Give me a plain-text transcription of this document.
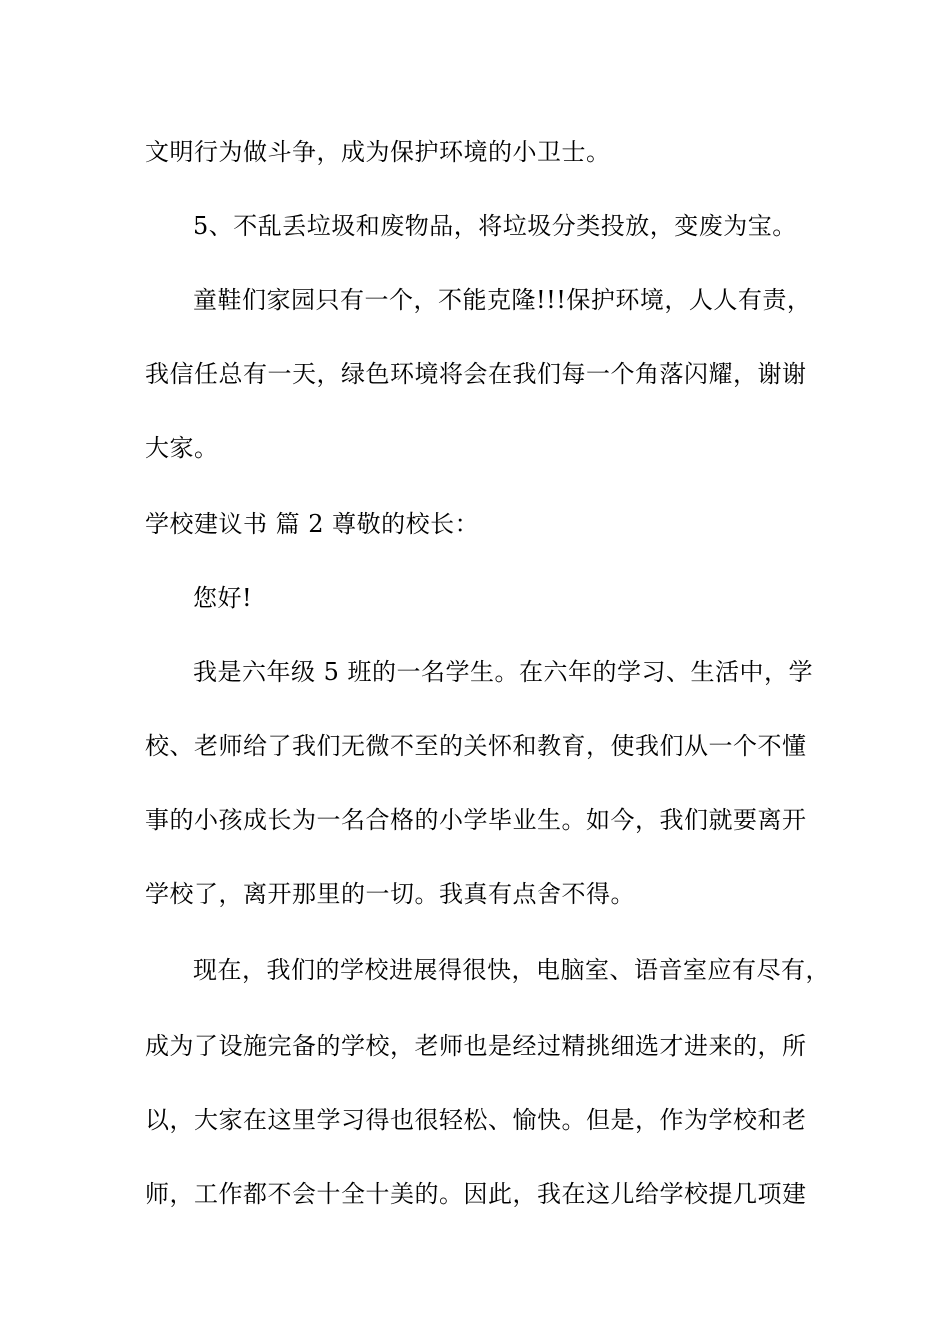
文明行为做斗争，成为保护环境的小卫士。
5、不乱丢垃圾和废物品，将垃圾分类投放，变废为宝。
童鞋们家园只有一个，不能克隆!!!保护环境，人人有责，
我信任总有一天，绿色环境将会在我们每一个角落闪耀，谢谢
大家。
学校建议书 篇 2 尊敬的校长：
您好!
我是六年级 5 班的一名学生。在六年的学习、生活中，学
校、老师给了我们无微不至的关怀和教育，使我们从一个不懂
事的小孩成长为一名合格的小学毕业生。如今，我们就要离开
学校了，离开那里的一切。我真有点舍不得。
现在，我们的学校进展得很快，电脑室、语音室应有尽有，
成为了设施完备的学校，老师也是经过精挑细选才进来的，所
以，大家在这里学习得也很轻松、愉快。但是，作为学校和老
师，工作都不会十全十美的。因此，我在这儿给学校提几项建
